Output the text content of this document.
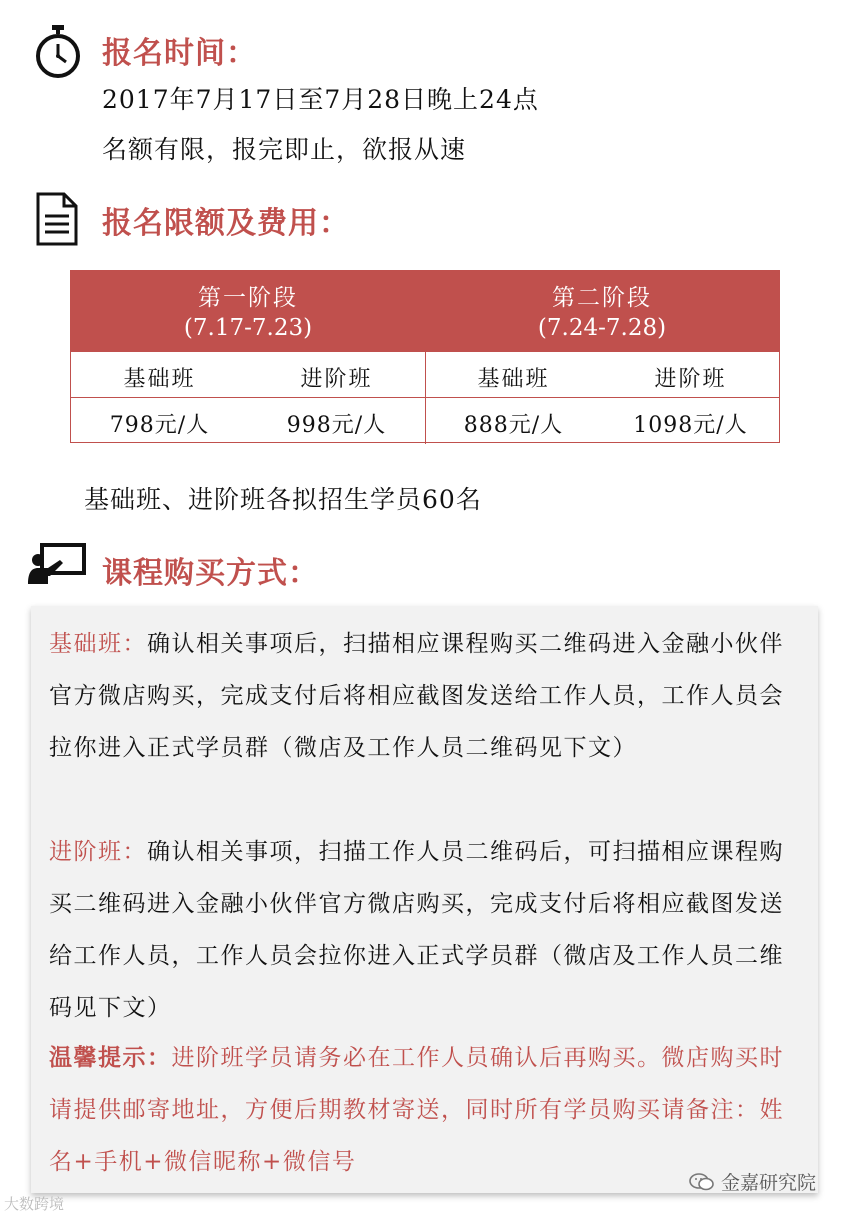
报名时间：
2017年7月17日至7月28日晚上24点
名额有限，报完即止，欲报从速
报名限额及费用：
第一阶段
(7.17-7.23)
第二阶段
(7.24-7.28)
基础班	进阶班	基础班	进阶班
798元/人	998元/人	888元/人	1098元/人
基础班、进阶班各拟招生学员60名
课程购买方式：
基础班：确认相关事项后，扫描相应课程购买二维码进入金融小伙伴官方微店购买，完成支付后将相应截图发送给工作人员，工作人员会拉你进入正式学员群（微店及工作人员二维码见下文）
进阶班：确认相关事项，扫描工作人员二维码后，可扫描相应课程购买二维码进入金融小伙伴官方微店购买，完成支付后将相应截图发送给工作人员，工作人员会拉你进入正式学员群（微店及工作人员二维码见下文）
温馨提示：进阶班学员请务必在工作人员确认后再购买。微店购买时请提供邮寄地址，方便后期教材寄送，同时所有学员购买请备注：姓名+手机+微信昵称+微信号
金嘉研究院
大数跨境
